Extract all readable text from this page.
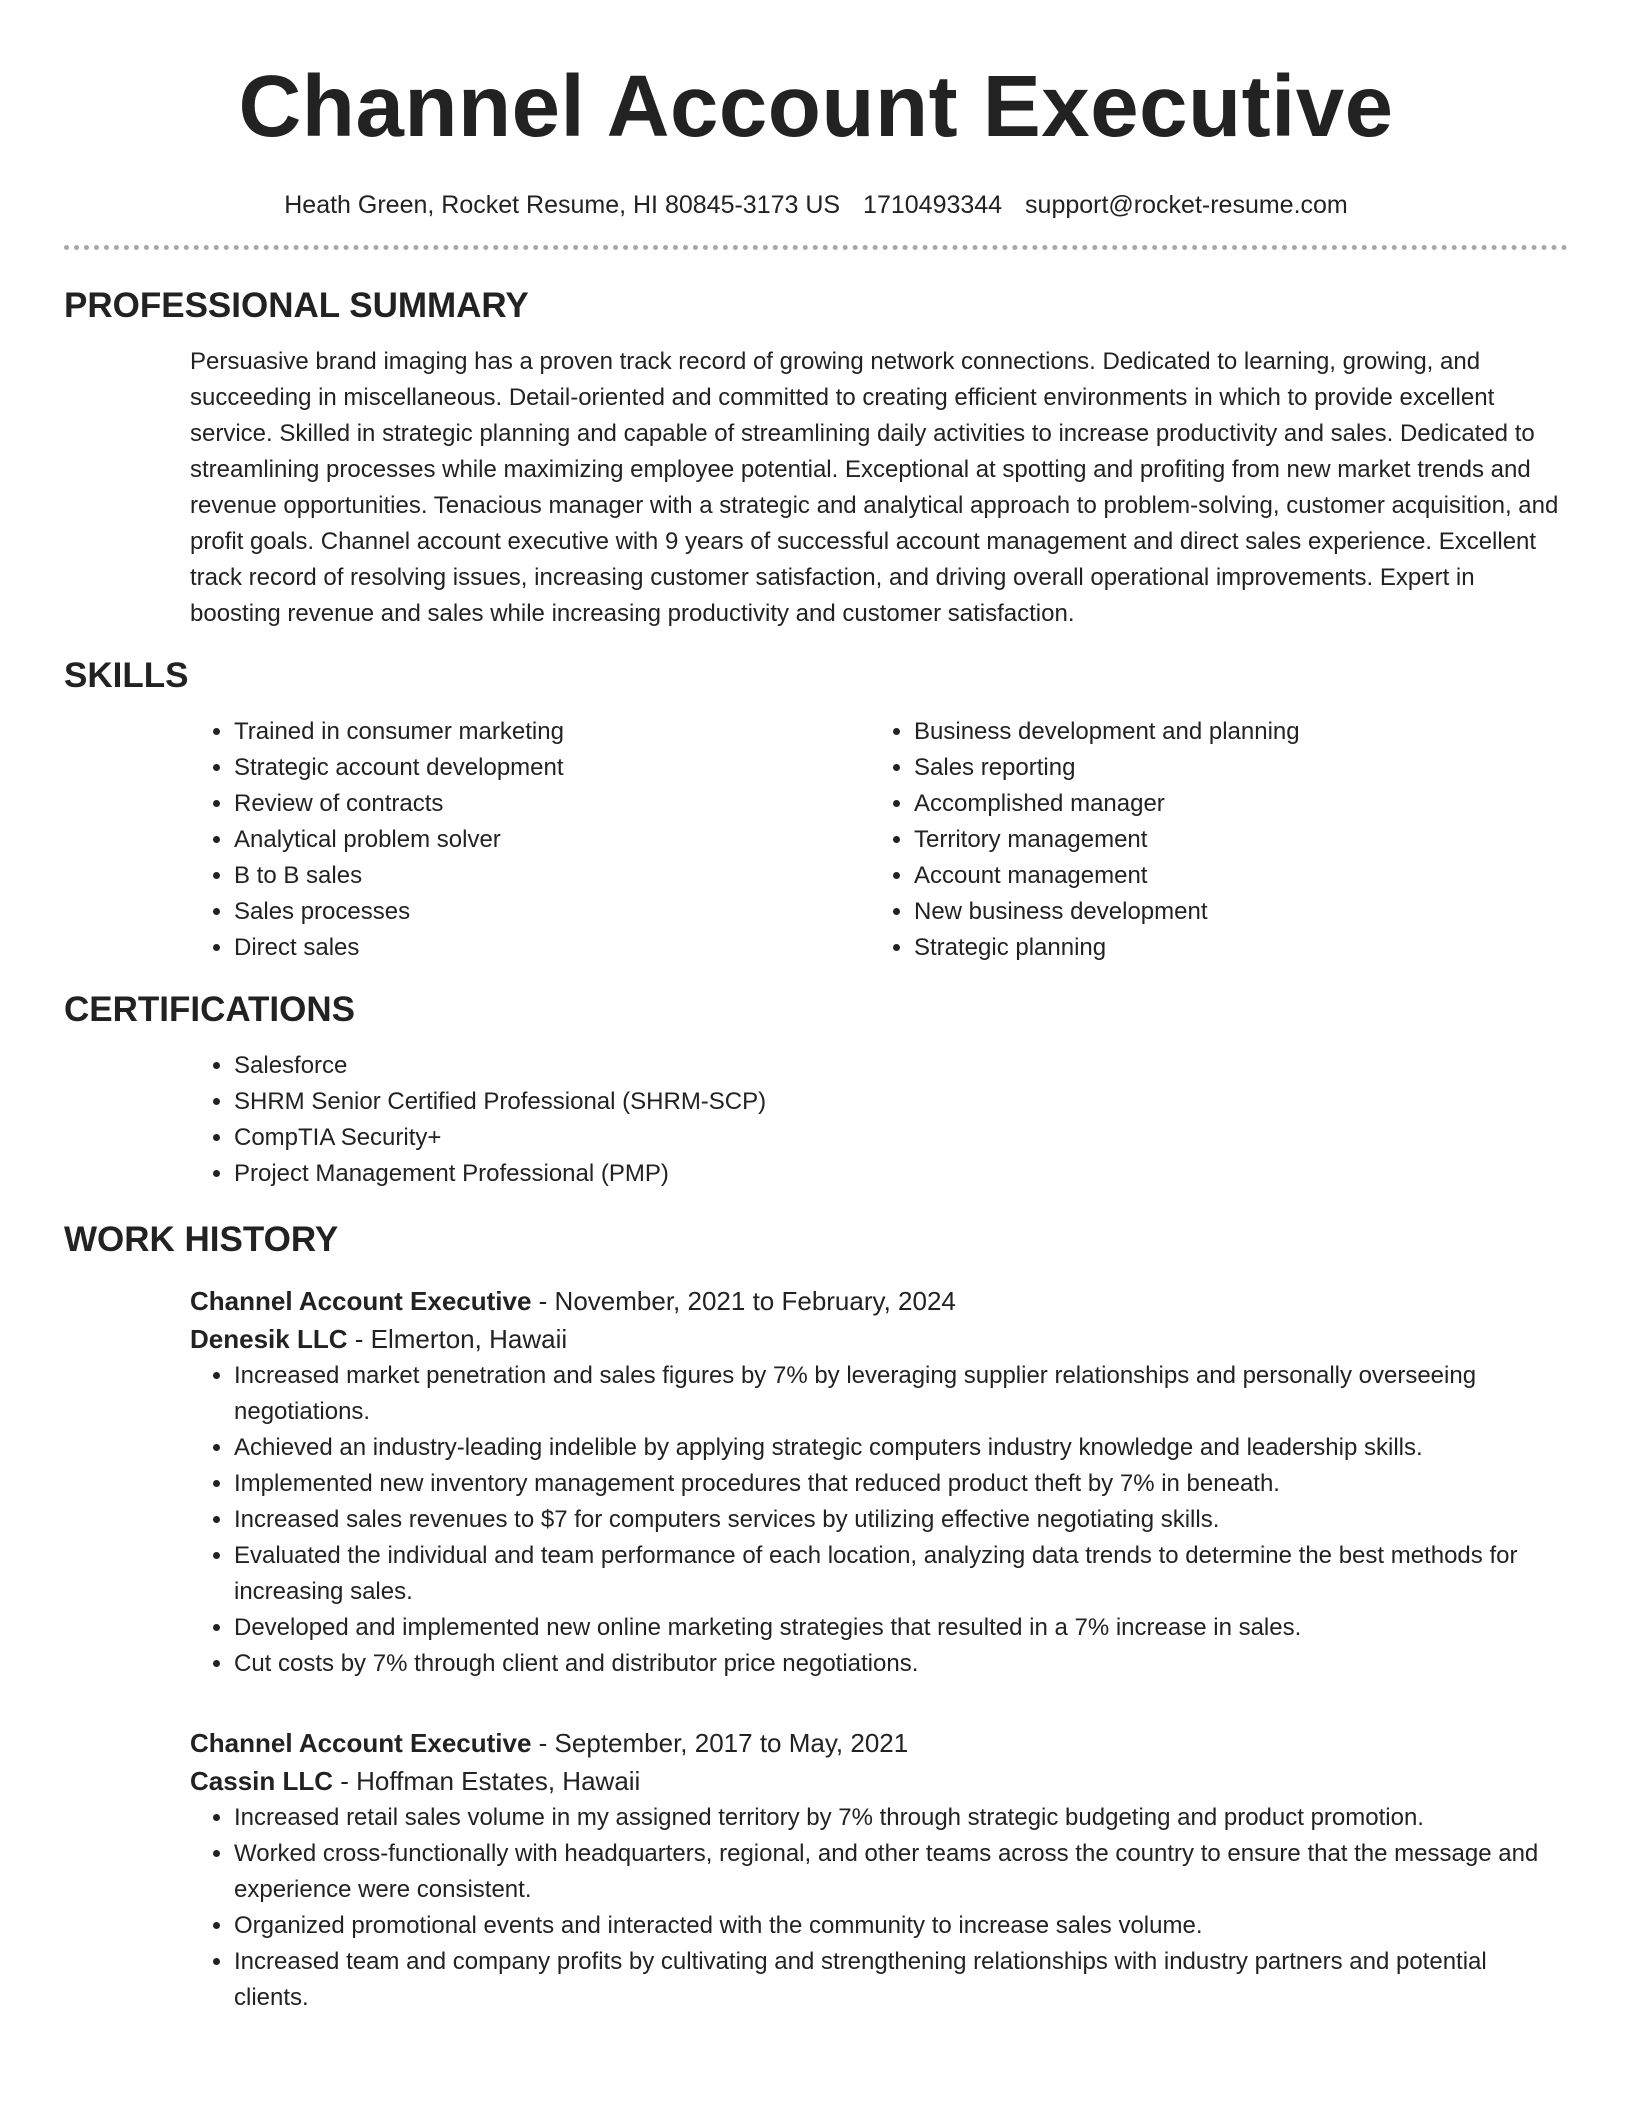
Channel Account Executive
Heath Green, Rocket Resume, HI 80845-3173 US 1710493344 support@rocket-resume.com
PROFESSIONAL SUMMARY

Persuasive brand imaging has a proven track record of growing network connections. Dedicated to learning, growing, and succeeding in miscellaneous. Detail-oriented and committed to creating efficient environments in which to provide excellent service. Skilled in strategic planning and capable of streamlining daily activities to increase productivity and sales. Dedicated to streamlining processes while maximizing employee potential. Exceptional at spotting and profiting from new market trends and revenue opportunities. Tenacious manager with a strategic and analytical approach to problem-solving, customer acquisition, and profit goals. Channel account executive with 9 years of successful account management and direct sales experience. Excellent track record of resolving issues, increasing customer satisfaction, and driving overall operational improvements. Expert in boosting revenue and sales while increasing productivity and customer satisfaction.

SKILLS
• Trained in consumer marketing
• Strategic account development
• Review of contracts
• Analytical problem solver
• B to B sales
• Sales processes
• Direct sales
• Business development and planning
• Sales reporting
• Accomplished manager
• Territory management
• Account management
• New business development
• Strategic planning
CERTIFICATIONS
• Salesforce
• SHRM Senior Certified Professional (SHRM-SCP)
• CompTIA Security+
• Project Management Professional (PMP)
WORK HISTORY
Channel Account Executive - November, 2021 to February, 2024
Denesik LLC - Elmerton, Hawaii
• Increased market penetration and sales figures by 7% by leveraging supplier relationships and personally overseeing negotiations.
• Achieved an industry-leading indelible by applying strategic computers industry knowledge and leadership skills.
• Implemented new inventory management procedures that reduced product theft by 7% in beneath.
• Increased sales revenues to $7 for computers services by utilizing effective negotiating skills.
• Evaluated the individual and team performance of each location, analyzing data trends to determine the best methods for increasing sales.
• Developed and implemented new online marketing strategies that resulted in a 7% increase in sales.
• Cut costs by 7% through client and distributor price negotiations.
Channel Account Executive - September, 2017 to May, 2021
Cassin LLC - Hoffman Estates, Hawaii
• Increased retail sales volume in my assigned territory by 7% through strategic budgeting and product promotion.
• Worked cross-functionally with headquarters, regional, and other teams across the country to ensure that the message and experience were consistent.
• Organized promotional events and interacted with the community to increase sales volume.
• Increased team and company profits by cultivating and strengthening relationships with industry partners and potential clients.
